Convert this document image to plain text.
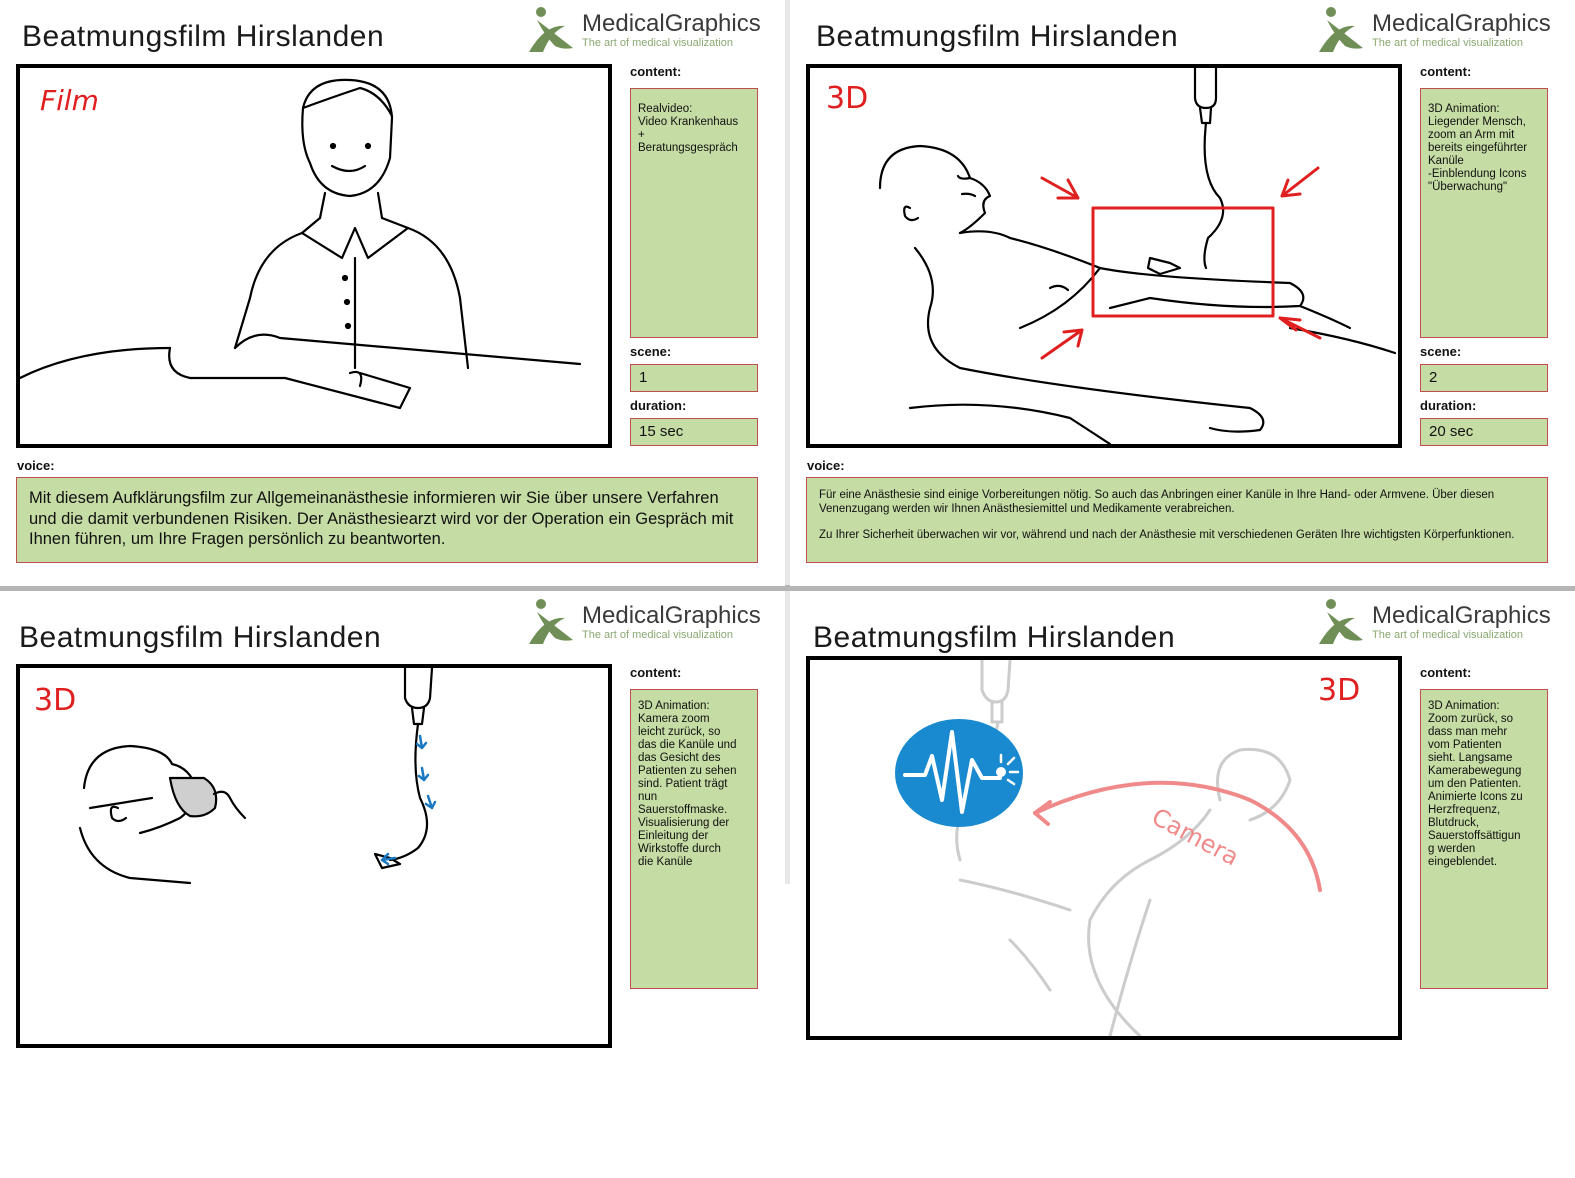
Beatmungsfilm Hirslanden	MedicalGraphics
The art of medical visualization
Film
content:
Realvideo:
Video Krankenhaus
+
Beratungsgespräch
scene:
1
duration:
15 sec
voice:
Mit diesem Aufklärungsfilm zur Allgemeinanästhesie informieren wir Sie über unsere Verfahren und die damit verbundenen Risiken. Der Anästhesiearzt wird vor der Operation ein Gespräch mit Ihnen führen, um Ihre Fragen persönlich zu beantworten.
Beatmungsfilm Hirslanden	MedicalGraphics
The art of medical visualization
3D
content:
3D Animation:
Liegender Mensch,
zoom an Arm mit
bereits eingeführter
Kanüle
-Einblendung Icons
"Überwachung"
scene:
2
duration:
20 sec
voice:

Für eine Anästhesie sind einige Vorbereitungen nötig. So auch das Anbringen einer Kanüle in Ihre Hand- oder Armvene. Über diesen Venenzugang werden wir Ihnen Anästhesiemittel und Medikamente verabreichen.

Zu Ihrer Sicherheit überwachen wir vor, während und nach der Anästhesie mit verschiedenen Geräten Ihre wichtigsten Körperfunktionen.

Beatmungsfilm Hirslanden
MedicalGraphics
The art of medical visualization
3D
content:
3D Animation:
Kamera zoom
leicht zurück, so
das die Kanüle und
das Gesicht des
Patienten zu sehen
sind. Patient trägt
nun
Sauerstoffmaske.
Visualisierung der
Einleitung der
Wirkstoffe durch
die Kanüle
Beatmungsfilm Hirslanden
MedicalGraphics
The art of medical visualization
3D
Camera
content:
3D Animation:
Zoom zurück, so
dass man mehr
vom Patienten
sieht. Langsame
Kamerabewegung
um den Patienten.
Animierte Icons zu
Herzfrequenz,
Blutdruck,
Sauerstoffsättigun
g werden
eingeblendet.
